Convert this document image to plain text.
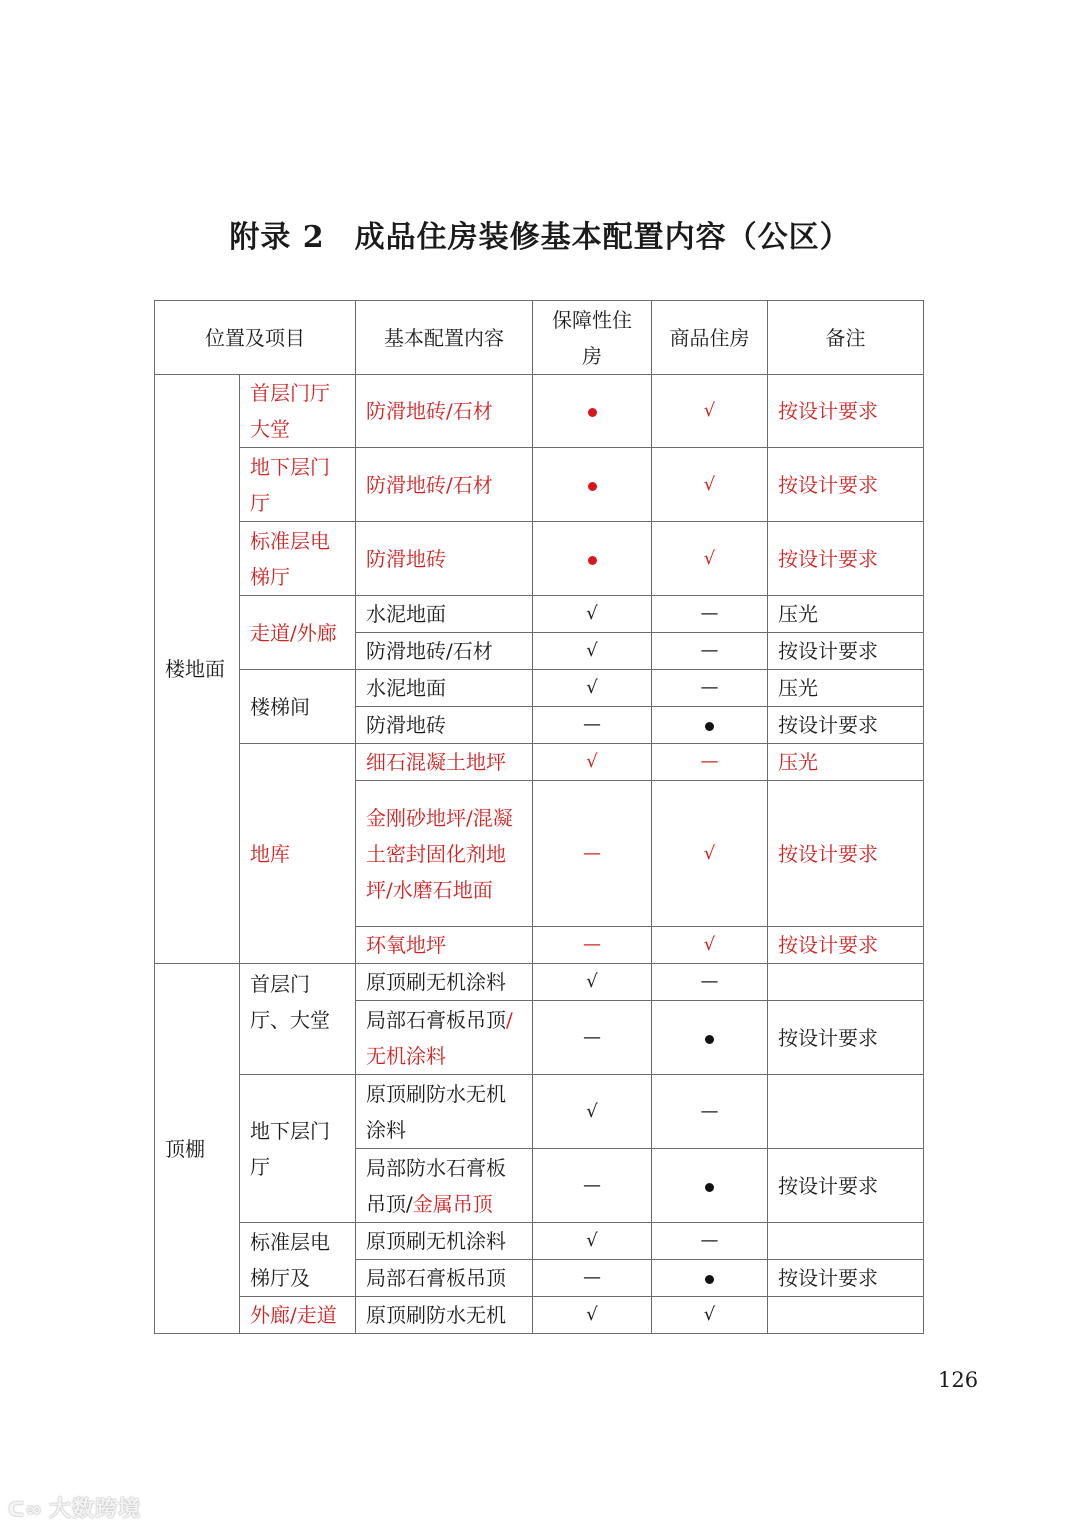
附录 2 成品住房装修基本配置内容（公区）
位置及项目		基本配置内容	保障性住房	商品住房	备注
楼地面	首层门厅大堂	防滑地砖/石材		√	按设计要求
	地下层门厅	防滑地砖/石材		√	按设计要求
	标准层电梯厅	防滑地砖		√	按设计要求
	走道/外廊	水泥地面	√	—	压光
		防滑地砖/石材	√	—	按设计要求
	楼梯间	水泥地面	√	—	压光
		防滑地砖	—		按设计要求
	地库	细石混凝土地坪	√	—	压光
		金刚砂地坪/混凝土密封固化剂地坪/水磨石地面	—	√	按设计要求
		环氧地坪	—	√	按设计要求
顶棚	首层门厅、大堂	原顶刷无机涂料	√	—	
		局部石膏板吊顶/无机涂料	—		按设计要求
	地下层门厅	原顶刷防水无机涂料	√	—	
		局部防水石膏板吊顶/金属吊顶	—		按设计要求
	标准层电梯厅及	原顶刷无机涂料	√	—	
		局部石膏板吊顶	—		按设计要求
	外廊/走道	原顶刷防水无机	√	√	
126
ᑕ∞ 大数跨境
